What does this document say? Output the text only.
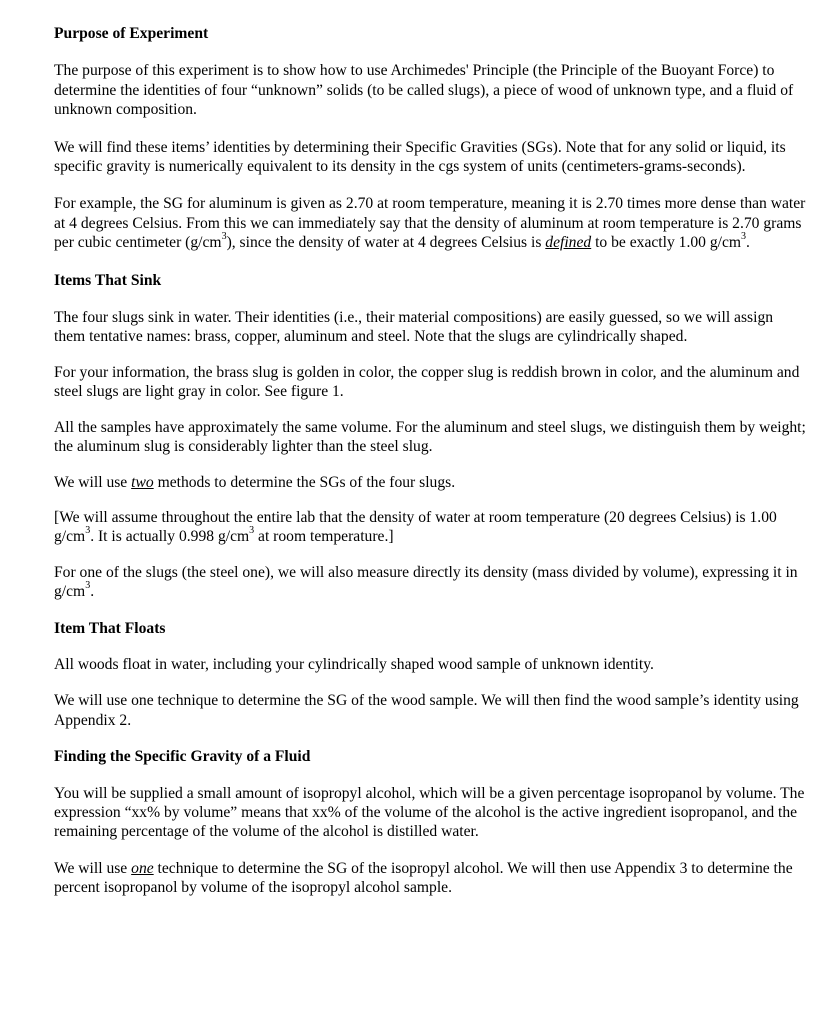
Purpose of Experiment

The purpose of this experiment is to show how to use Archimedes' Principle (the Principle of the Buoyant Force) to determine the identities of four “unknown” solids (to be called slugs), a piece of wood of unknown type, and a fluid of unknown composition.

We will find these items’ identities by determining their Specific Gravities (SGs). Note that for any solid or liquid, its specific gravity is numerically equivalent to its density in the cgs system of units (centimeters-grams-seconds).

For example, the SG for aluminum is given as 2.70 at room temperature, meaning it is 2.70 times more dense than water at 4 degrees Celsius. From this we can immediately say that the density of aluminum at room temperature is 2.70 grams per cubic centimeter $(g/cm^3)$, since the density of water at 4 degrees Celsius is defined to be exactly 1.00 $g/cm^3$.

Items That Sink

The four slugs sink in water. Their identities (i.e., their material compositions) are easily guessed, so we will assign them tentative names: brass, copper, aluminum and steel. Note that the slugs are cylindrically shaped.

For your information, the brass slug is golden in color, the copper slug is reddish brown in color, and the aluminum and steel slugs are light gray in color. See figure 1.

All the samples have approximately the same volume. For the aluminum and steel slugs, we distinguish them by weight; the aluminum slug is considerably lighter than the steel slug.

We will use two methods to determine the SGs of the four slugs.

[We will assume throughout the entire lab that the density of water at room temperature (20 degrees Celsius) is 1.00 $g/cm^3$. It is actually 0.998 $g/cm^3$ at room temperature.]

For one of the slugs (the steel one), we will also measure directly its density (mass divided by volume), expressing it in $g/cm^3$.

Item That Floats

All woods float in water, including your cylindrically shaped wood sample of unknown identity.

We will use one technique to determine the SG of the wood sample. We will then find the wood sample’s identity using Appendix 2.

Finding the Specific Gravity of a Fluid

You will be supplied a small amount of isopropyl alcohol, which will be a given percentage isopropanol by volume. The expression “xx% by volume” means that xx% of the volume of the alcohol is the active ingredient isopropanol, and the remaining percentage of the volume of the alcohol is distilled water.

We will use one technique to determine the SG of the isopropyl alcohol. We will then use Appendix 3 to determine the percent isopropanol by volume of the isopropyl alcohol sample.
